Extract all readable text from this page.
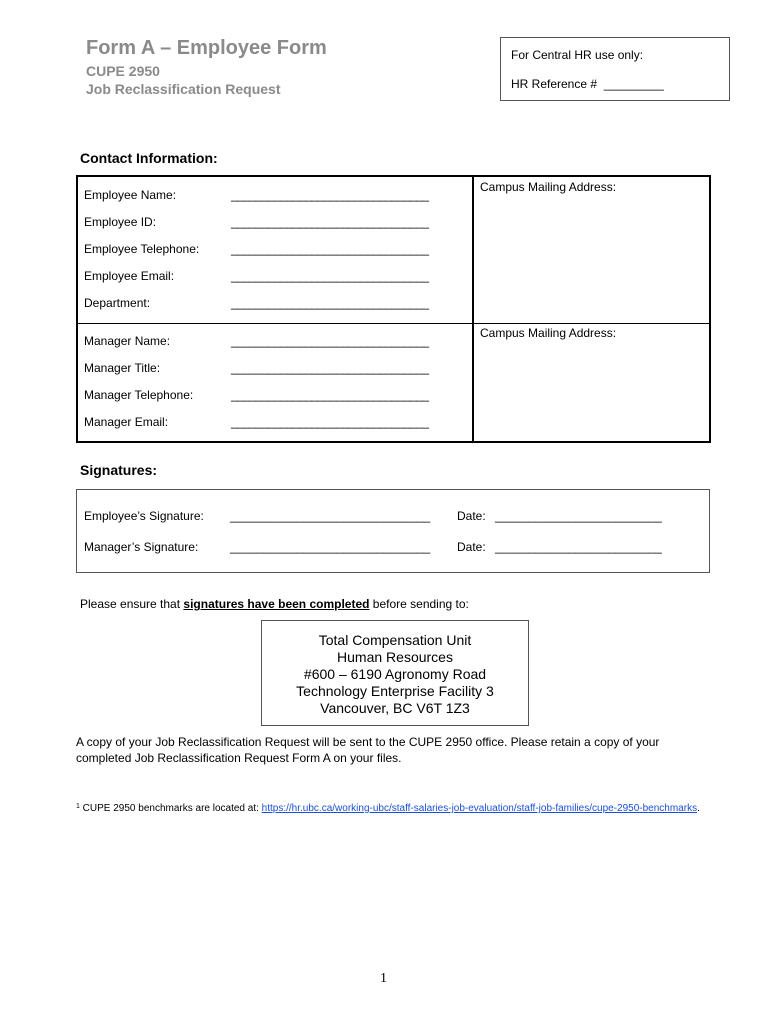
Form A – Employee Form
CUPE 2950
Job Reclassification Request
For Central HR use only:
HR Reference # _________
Contact Information:
Employee Name:	________________________________
Employee ID:	________________________________
Employee Telephone:	________________________________
Employee Email:	________________________________
Department:	________________________________
Manager Name:	________________________________
Manager Title:	________________________________
Manager Telephone:	________________________________
Manager Email:	________________________________
Campus Mailing Address:
Campus Mailing Address:
Signatures:
Employee’s Signature: ______________________________ Date: _________________________
Manager’s Signature:	______________________________ Date: _________________________
Please ensure that signatures have been completed before sending to:
Total Compensation Unit
Human Resources
#600 – 6190 Agronomy Road
Technology Enterprise Facility 3
Vancouver, BC V6T 1Z3
A copy of your Job Reclassification Request will be sent to the CUPE 2950 office. Please retain a copy of your completed Job Reclassification Request Form A on your files.
$^1$ CUPE 2950 benchmarks are located at: https://hr.ubc.ca/working-ubc/staff-salaries-job-evaluation/staff-job-families/cupe-2950-benchmarks.
1
